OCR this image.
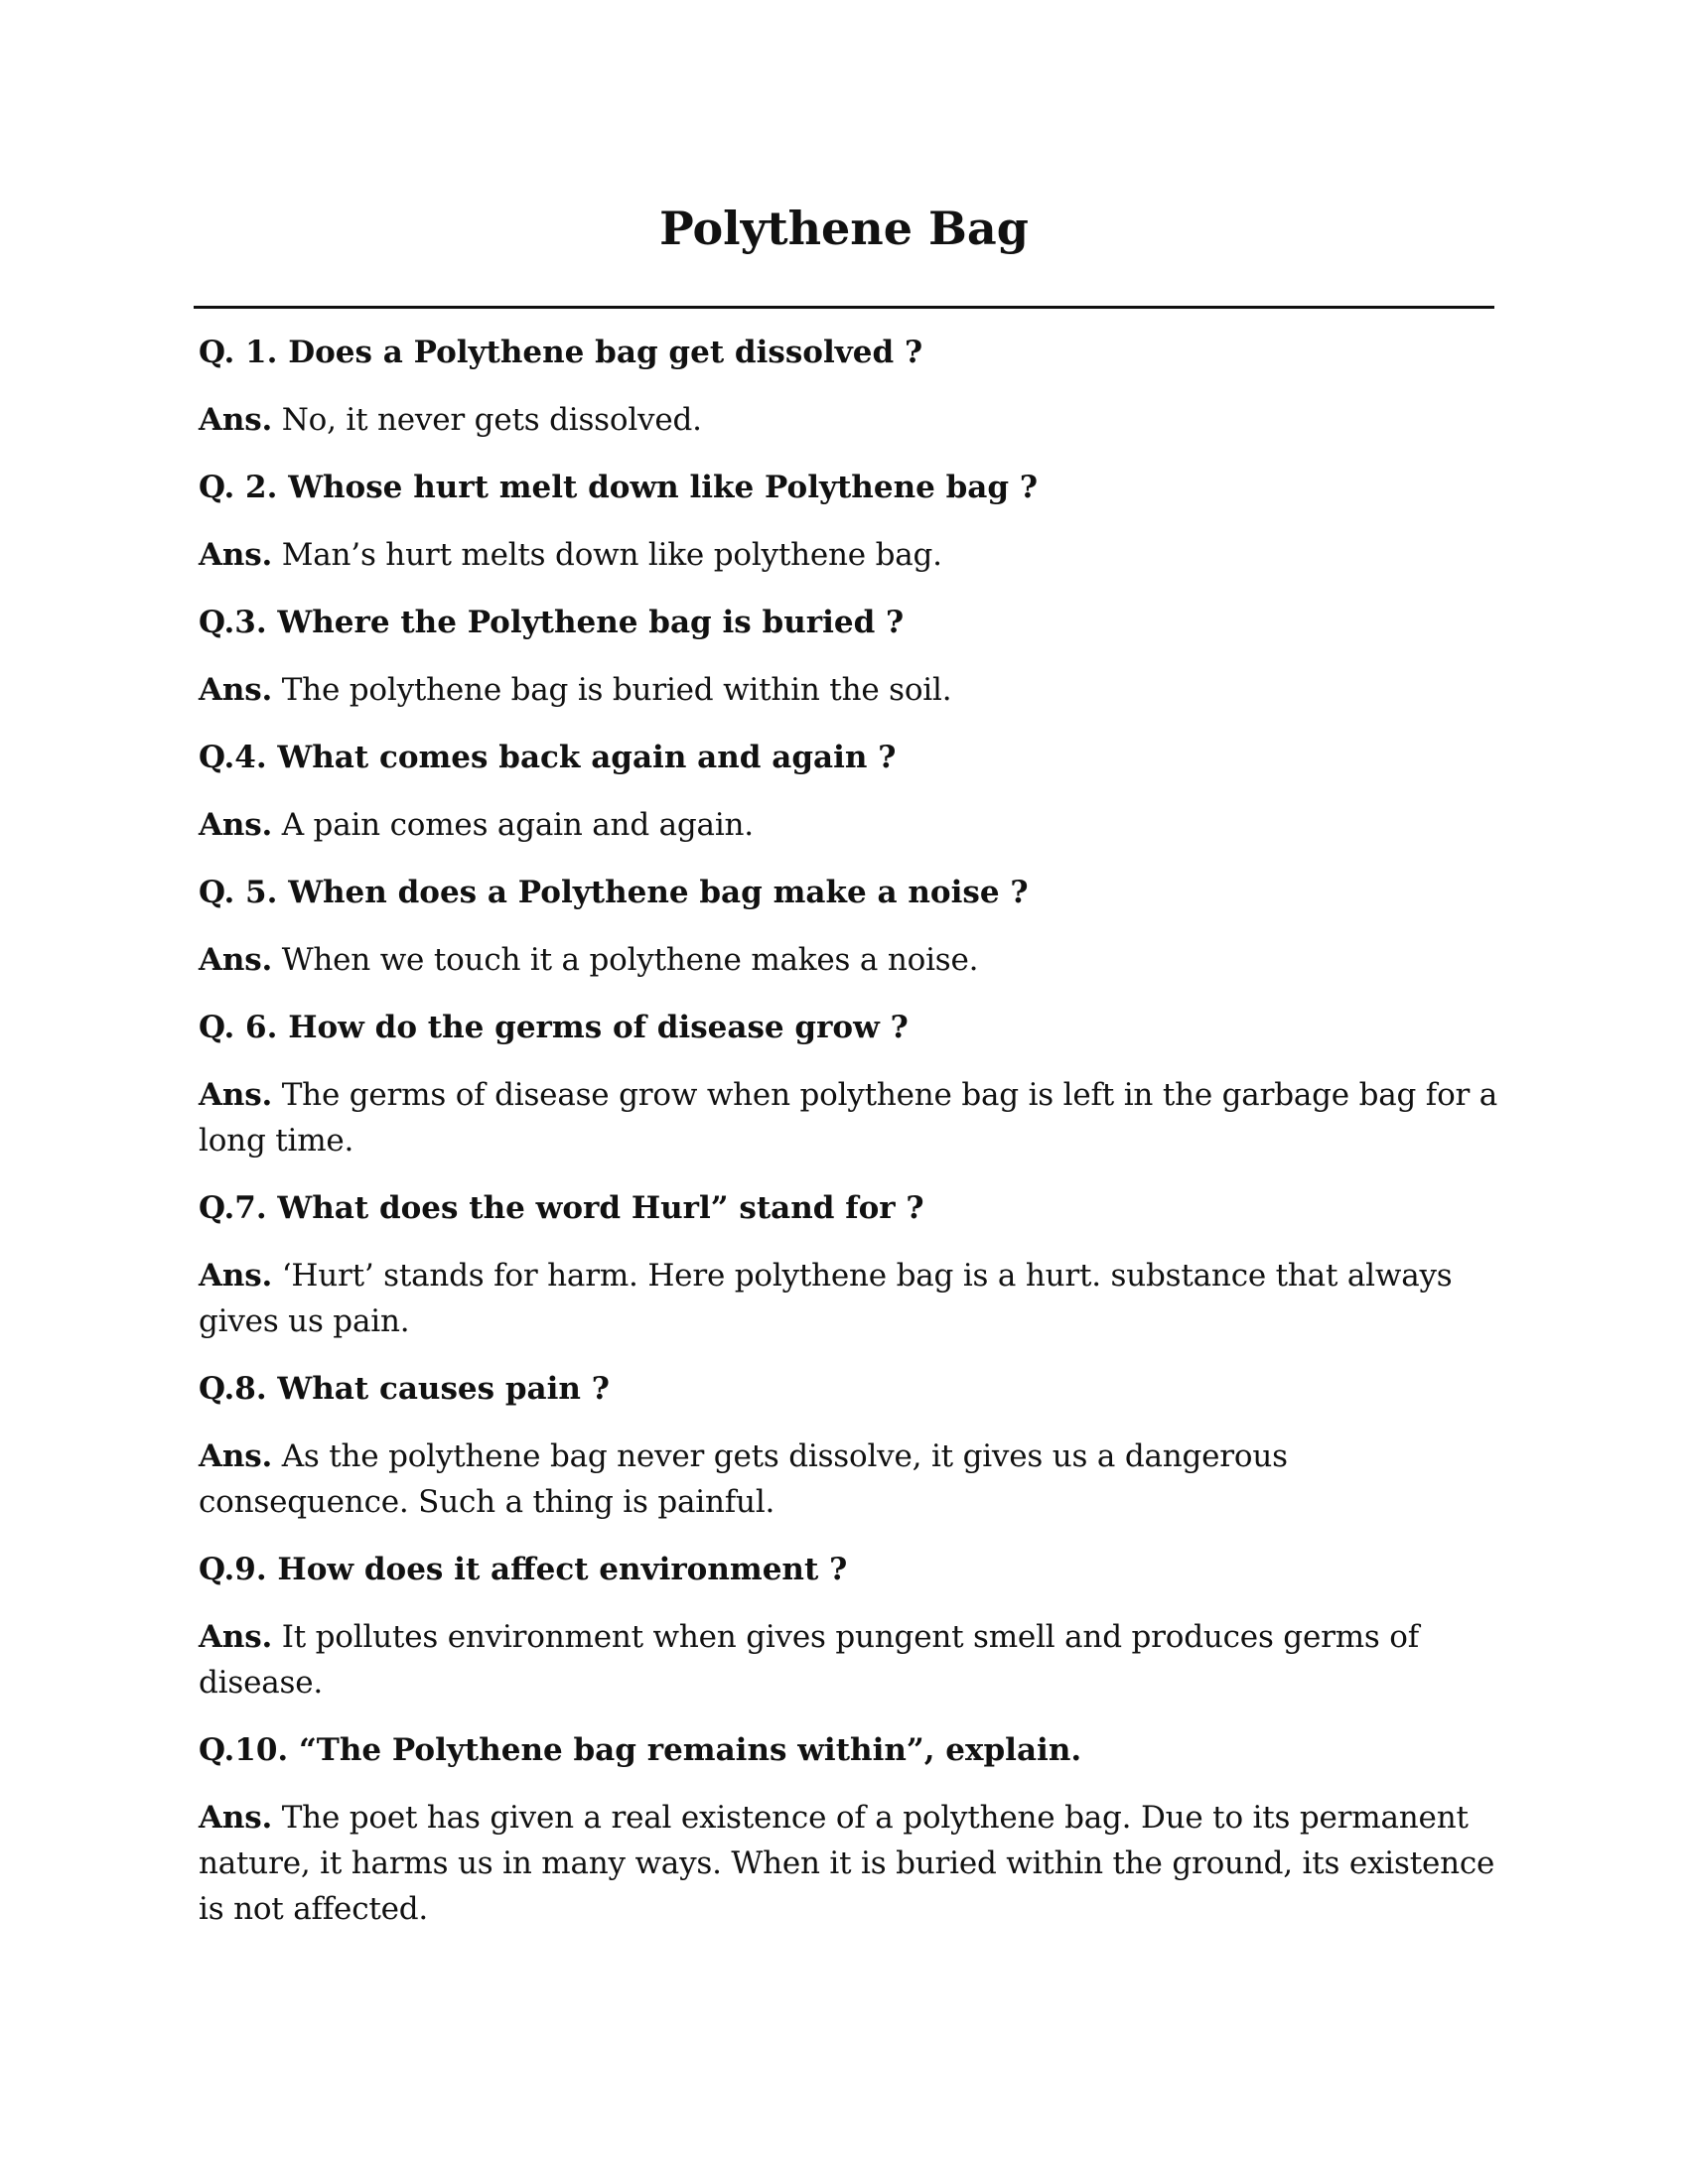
Polythene Bag

Q. 1. Does a Polythene bag get dissolved ?

Ans. No, it never gets dissolved.

Q. 2. Whose hurt melt down like Polythene bag ?

Ans. Man’s hurt melts down like polythene bag.

Q.3. Where the Polythene bag is buried ?

Ans. The polythene bag is buried within the soil.

Q.4. What comes back again and again ?

Ans. A pain comes again and again.

Q. 5. When does a Polythene bag make a noise ?

Ans. When we touch it a polythene makes a noise.

Q. 6. How do the germs of disease grow ?

Ans. The germs of disease grow when polythene bag is left in the garbage bag for a long time.

Q.7. What does the word Hurl” stand for ?

Ans. ‘Hurt’ stands for harm. Here polythene bag is a hurt. substance that always gives us pain.

Q.8. What causes pain ?

Ans. As the polythene bag never gets dissolve, it gives us a dangerous consequence. Such a thing is painful.

Q.9. How does it affect environment ?

Ans. It pollutes environment when gives pungent smell and produces germs of disease.

Q.10. “The Polythene bag remains within”, explain.

Ans. The poet has given a real existence of a polythene bag. Due to its permanent nature, it harms us in many ways. When it is buried within the ground, its existence is not affected.
